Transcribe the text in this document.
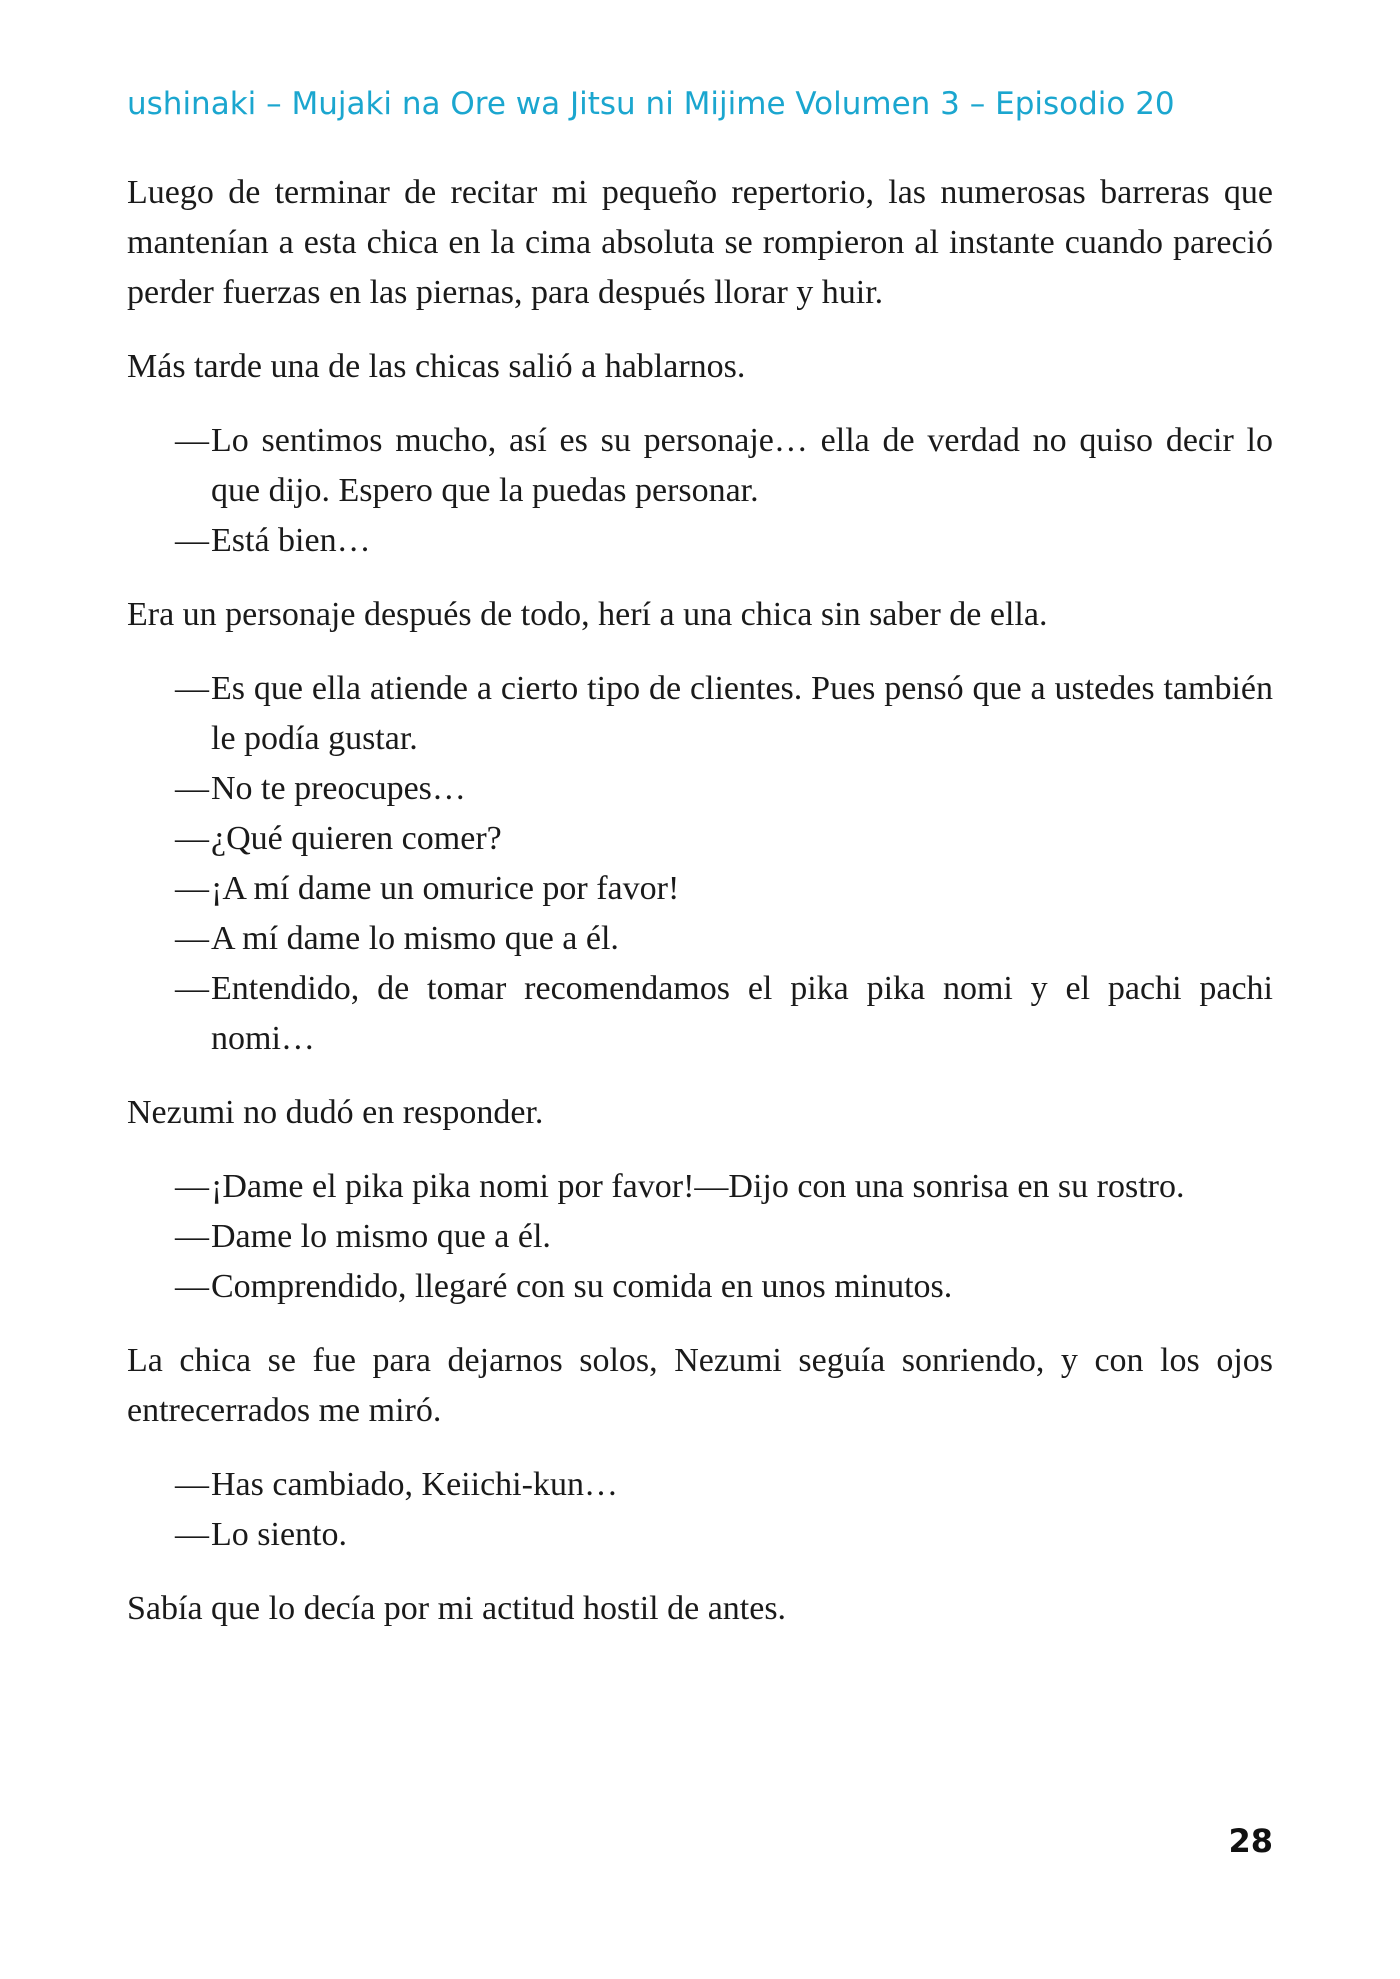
ushinaki – Mujaki na Ore wa Jitsu ni Mijime Volumen 3 – Episodio 20

Luego de terminar de recitar mi pequeño repertorio, las numerosas barreras que mantenían a esta chica en la cima absoluta se rompieron al instante cuando pareció perder fuerzas en las piernas, para después llorar y huir.

Más tarde una de las chicas salió a hablarnos.

— Lo sentimos mucho, así es su personaje… ella de verdad no quiso decir lo que dijo. Espero que la puedas personar.
— Está bien…

Era un personaje después de todo, herí a una chica sin saber de ella.

— Es que ella atiende a cierto tipo de clientes. Pues pensó que a ustedes también le podía gustar.
— No te preocupes…
— ¿Qué quieren comer?
— ¡A mí dame un omurice por favor!
— A mí dame lo mismo que a él.
— Entendido, de tomar recomendamos el pika pika nomi y el pachi pachi nomi…

Nezumi no dudó en responder.

— ¡Dame el pika pika nomi por favor!—Dijo con una sonrisa en su rostro.
— Dame lo mismo que a él.
— Comprendido, llegaré con su comida en unos minutos.

La chica se fue para dejarnos solos, Nezumi seguía sonriendo, y con los ojos entrecerrados me miró.

— Has cambiado, Keiichi-kun…
— Lo siento.

Sabía que lo decía por mi actitud hostil de antes.

28
